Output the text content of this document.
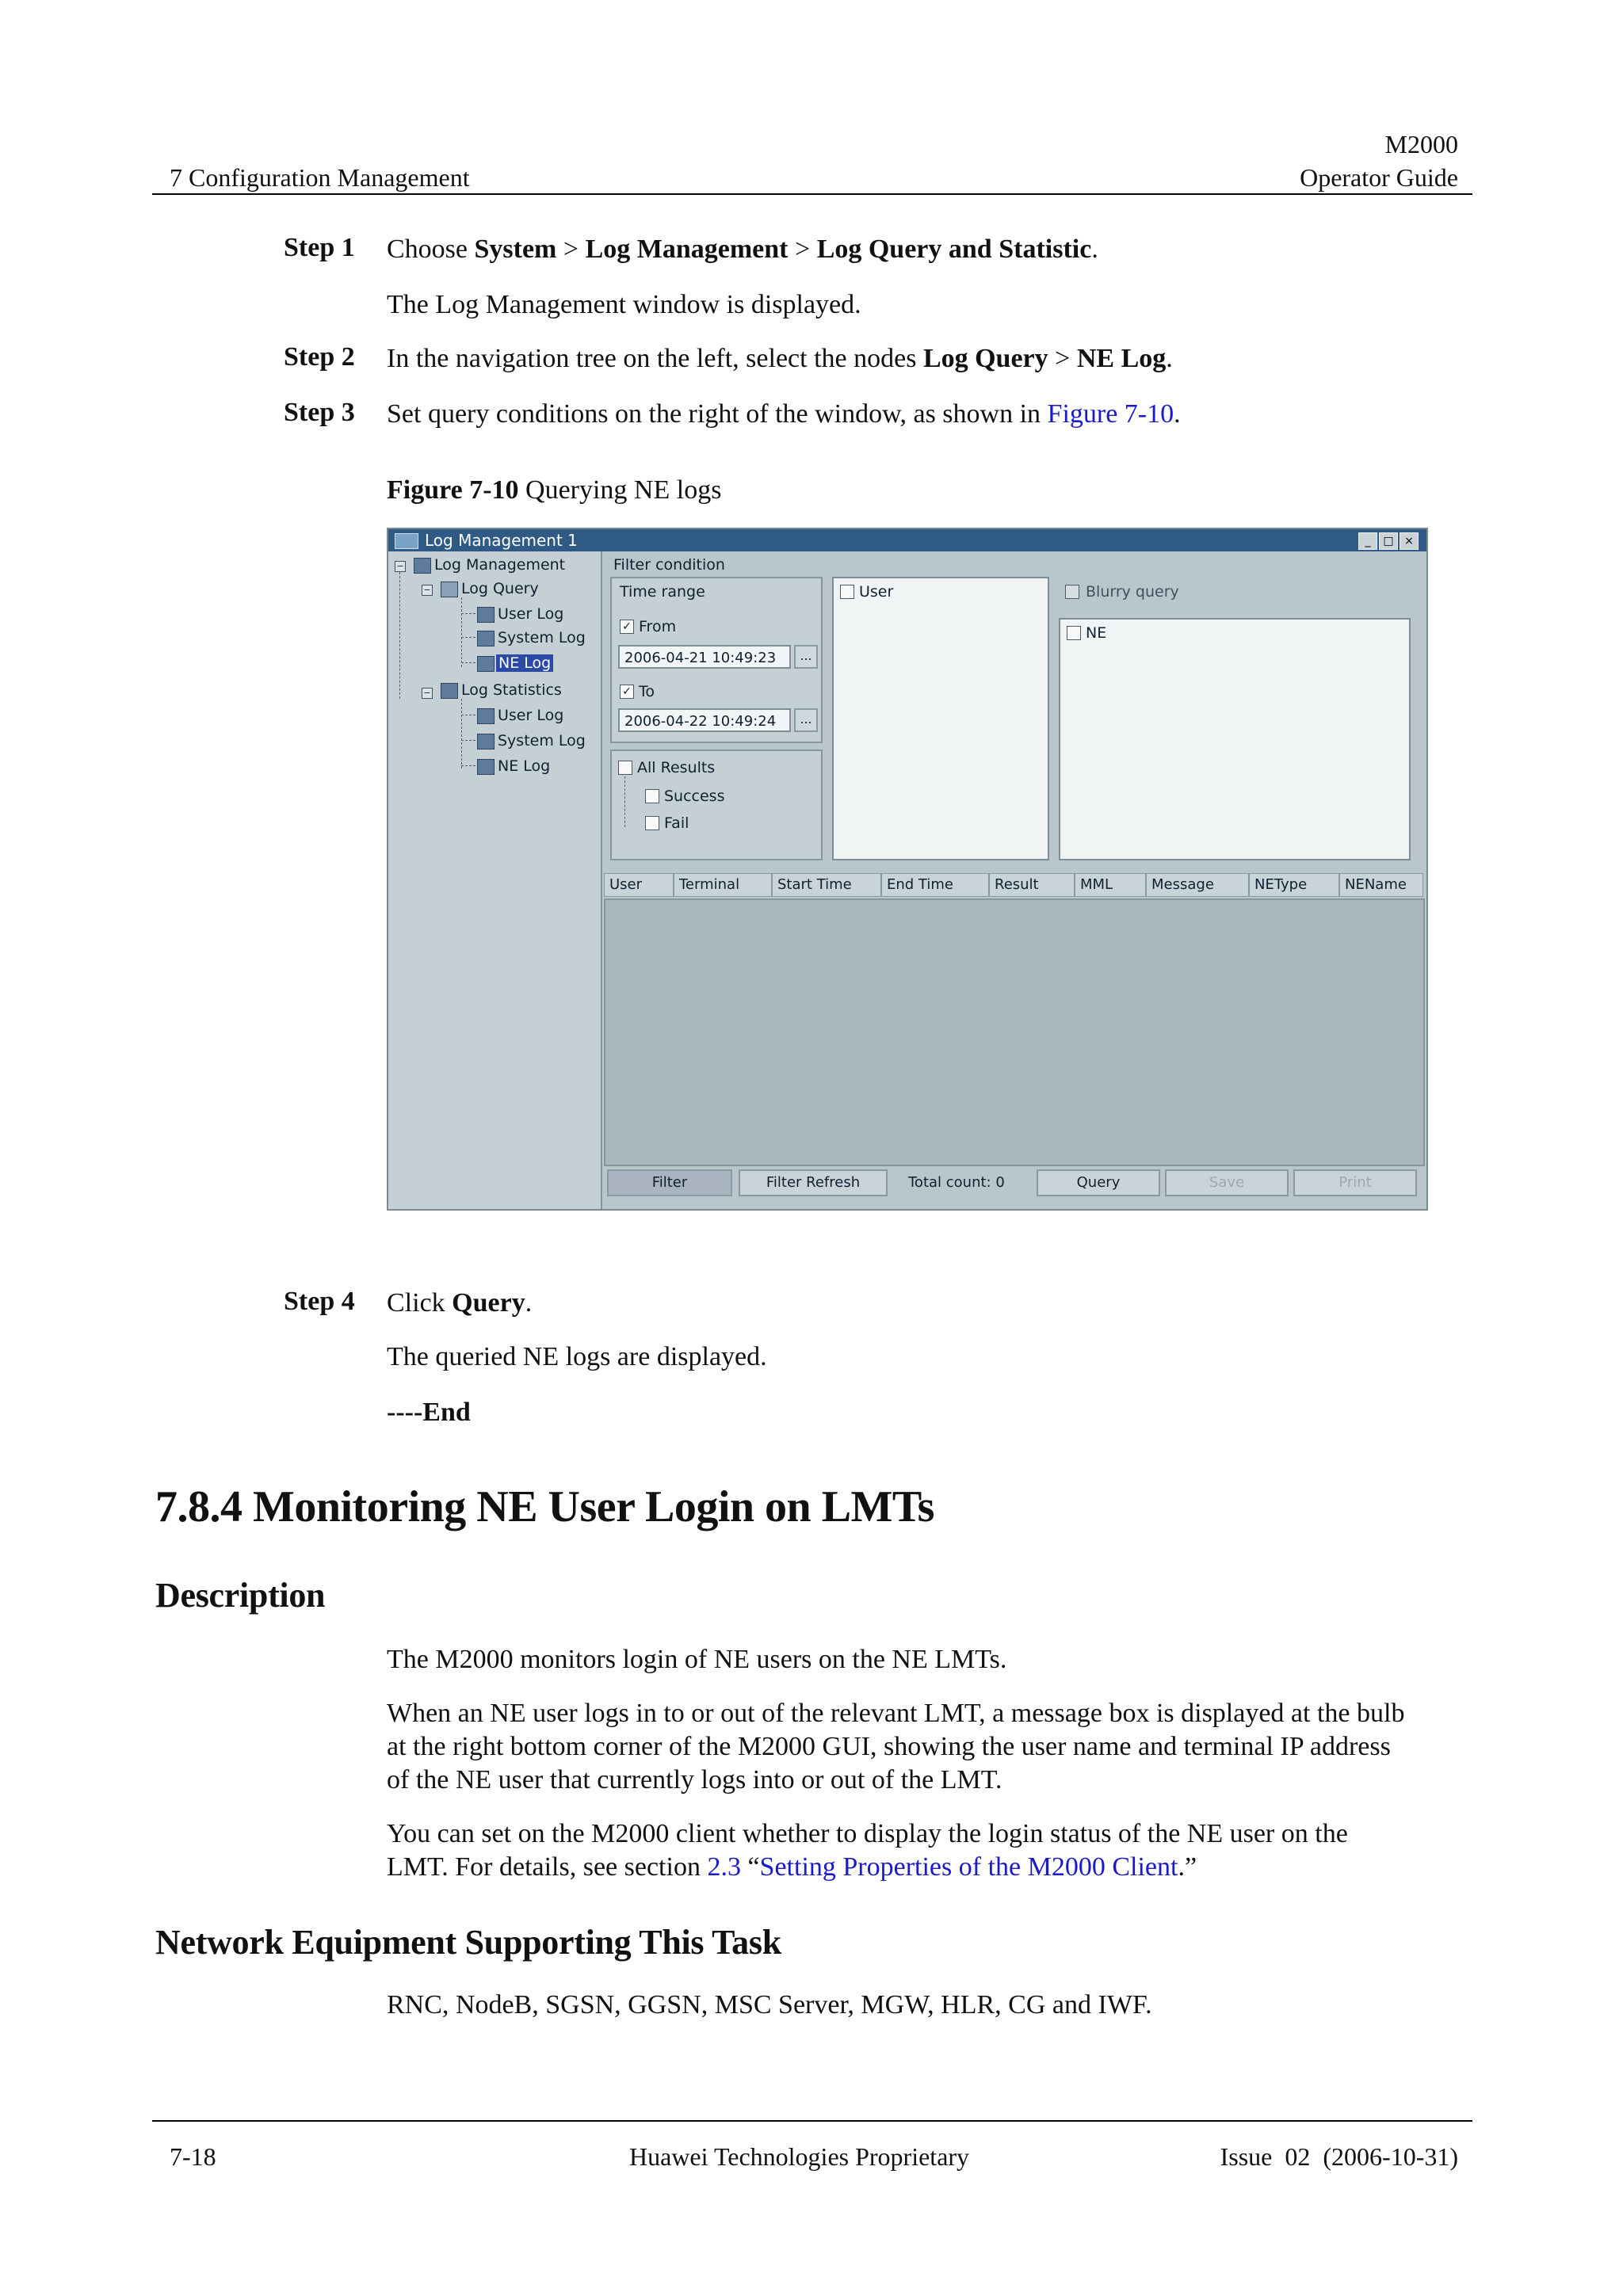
M2000
7 Configuration Management	Operator Guide
Step 1 Choose System > Log Management > Log Query and Statistic.
The Log Management window is displayed.
Step 2 In the navigation tree on the left, select the nodes Log Query > NE Log.
Step 3 Set query conditions on the right of the window, as shown in Figure 7-10.
Figure 7-10 Querying NE logs
Log Management 1	_	□ ×
− Log Management
− Log Query
User Log
System Log
NE Log
− Log Statistics
User Log
System Log
NE Log
Filter condition
Time range
✓ From
2006-04-21 10:49:23	...
✓ To
2006-04-22 10:49:24	...
All Results
Success
Fail
User	Blurry query
NE
User	Terminal	Start Time	End Time	Result	MML	Message	NEType	NEName
Filter	Filter Refresh	Total count: 0	Query	Save	Print
Step 4 Click Query.
The queried NE logs are displayed.
----End
7.8.4 Monitoring NE User Login on LMTs
Description
The M2000 monitors login of NE users on the NE LMTs.
When an NE user logs in to or out of the relevant LMT, a message box is displayed at the bulb
at the right bottom corner of the M2000 GUI, showing the user name and terminal IP address
of the NE user that currently logs into or out of the LMT.
You can set on the M2000 client whether to display the login status of the NE user on the
LMT. For details, see section 2.3 “Setting Properties of the M2000 Client.”
Network Equipment Supporting This Task
RNC, NodeB, SGSN, GGSN, MSC Server, MGW, HLR, CG and IWF.
7-18	Huawei Technologies Proprietary	Issue  02  (2006-10-31)
